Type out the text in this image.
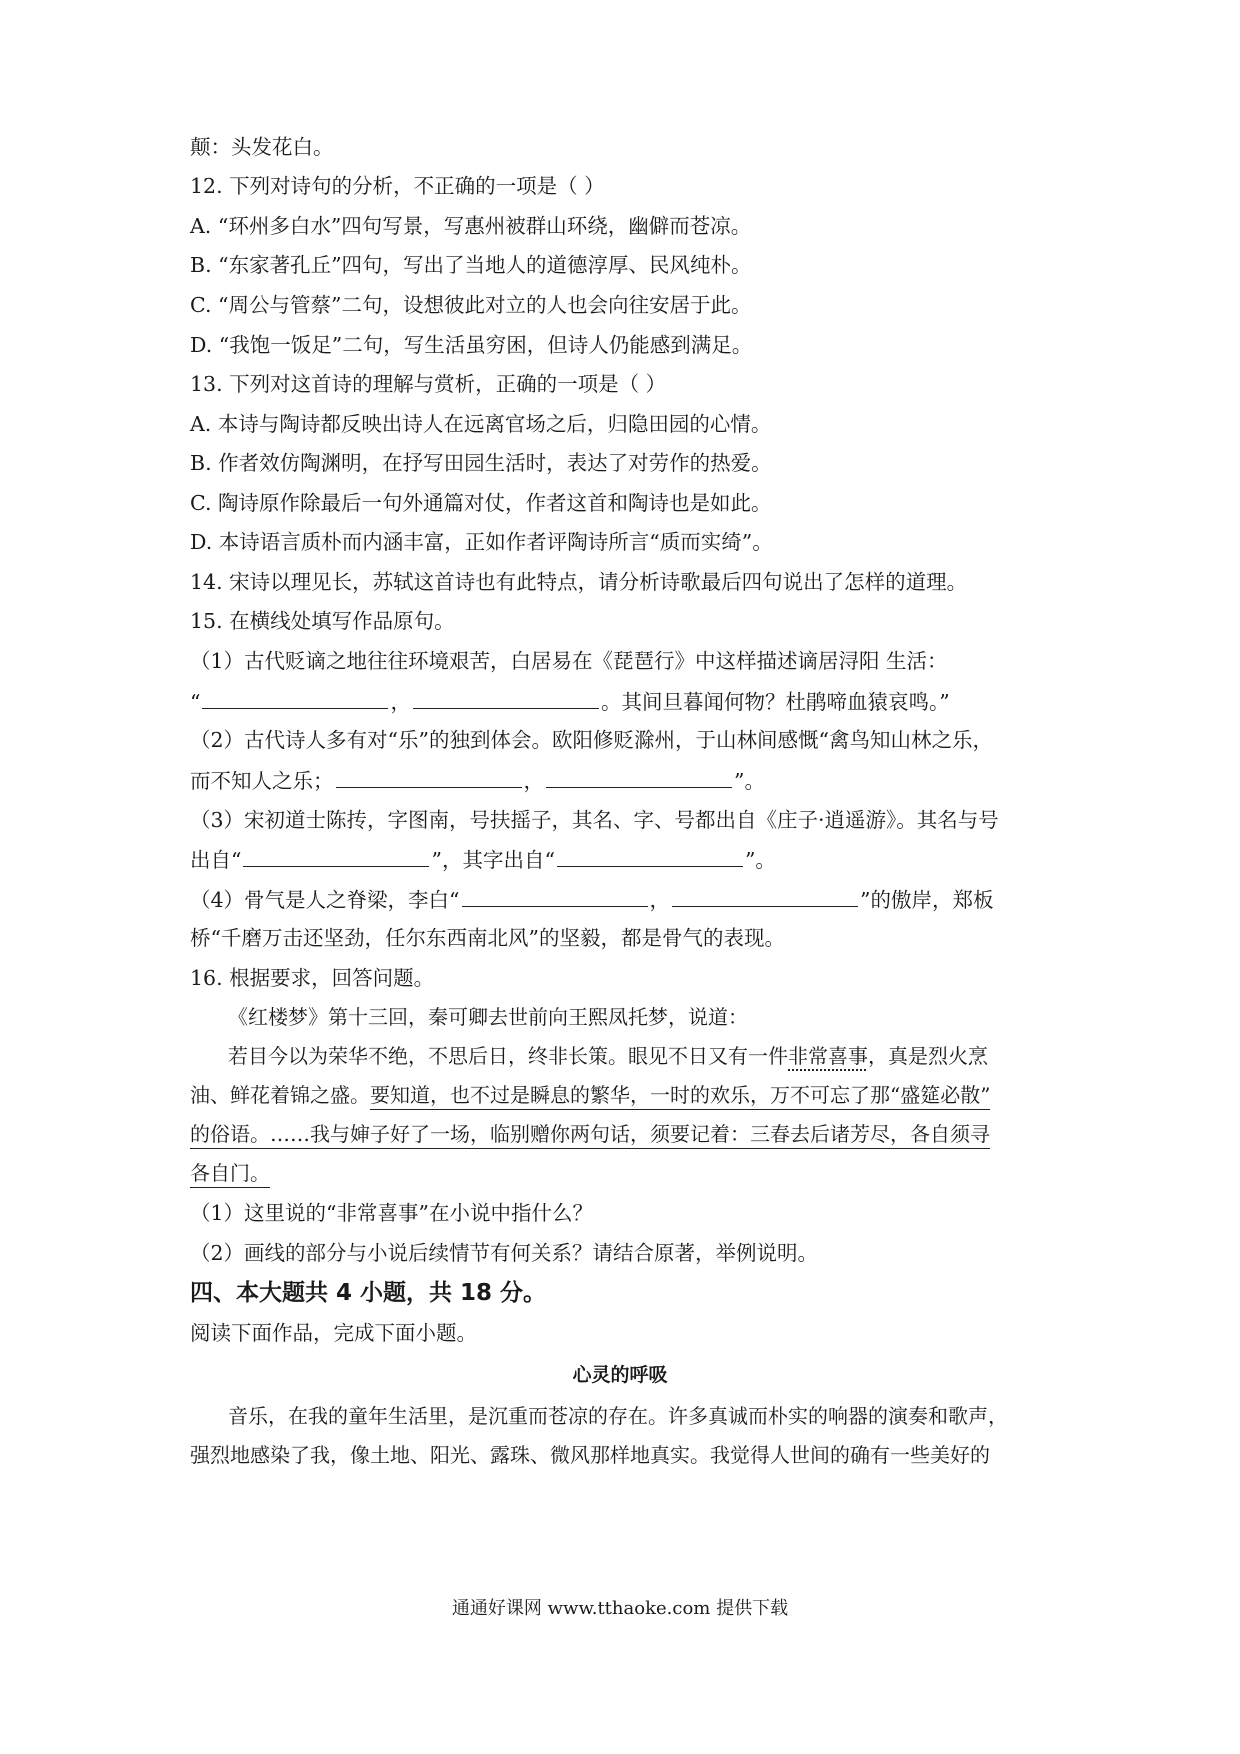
颠：头发花白。
12. 下列对诗句的分析，不正确的一项是（ ）
A. “环州多白水”四句写景，写惠州被群山环绕，幽僻而苍凉。
B. “东家著孔丘”四句，写出了当地人的道德淳厚、民风纯朴。
C. “周公与管蔡”二句，设想彼此对立的人也会向往安居于此。
D. “我饱一饭足”二句，写生活虽穷困，但诗人仍能感到满足。
13. 下列对这首诗的理解与赏析，正确的一项是（ ）
A. 本诗与陶诗都反映出诗人在远离官场之后，归隐田园的心情。
B. 作者效仿陶渊明，在抒写田园生活时，表达了对劳作的热爱。
C. 陶诗原作除最后一句外通篇对仗，作者这首和陶诗也是如此。
D. 本诗语言质朴而内涵丰富，正如作者评陶诗所言“质而实绮”。
14. 宋诗以理见长，苏轼这首诗也有此特点，请分析诗歌最后四句说出了怎样的道理。
15. 在横线处填写作品原句。
（1）古代贬谪之地往往环境艰苦，白居易在《琵琶行》中这样描述谪居浔阳 生活：
“	，	。其间旦暮闻何物？杜鹃啼血猿哀鸣。”
（2）古代诗人多有对“乐”的独到体会。欧阳修贬滁州，于山林间感慨“禽鸟知山林之乐，
而不知人之乐；	，	”。
（3）宋初道士陈抟，字图南，号扶摇子，其名、字、号都出自《庄子·逍遥游》。其名与号
出自“	”，其字出自“	”。
（4）骨气是人之脊梁，李白“	，	”的傲岸，郑板
桥“千磨万击还坚劲，任尔东西南北风”的坚毅，都是骨气的表现。
16. 根据要求，回答问题。
《红楼梦》第十三回，秦可卿去世前向王熙凤托梦，说道：
若目今以为荣华不绝，不思后日，终非长策。眼见不日又有一件非常喜事，真是烈火烹
油、鲜花着锦之盛。要知道，也不过是瞬息的繁华，一时的欢乐，万不可忘了那“盛筵必散”
的俗语。……我与婶子好了一场，临别赠你两句话，须要记着：三春去后诸芳尽，各自须寻
各自门。
（1）这里说的“非常喜事”在小说中指什么？
（2）画线的部分与小说后续情节有何关系？请结合原著，举例说明。
四、本大题共 4 小题，共 18 分。
阅读下面作品，完成下面小题。
心灵的呼吸
音乐，在我的童年生活里，是沉重而苍凉的存在。许多真诚而朴实的响器的演奏和歌声，
强烈地感染了我，像土地、阳光、露珠、微风那样地真实。我觉得人世间的确有一些美好的
通通好课网 www.tthaoke.com 提供下载
